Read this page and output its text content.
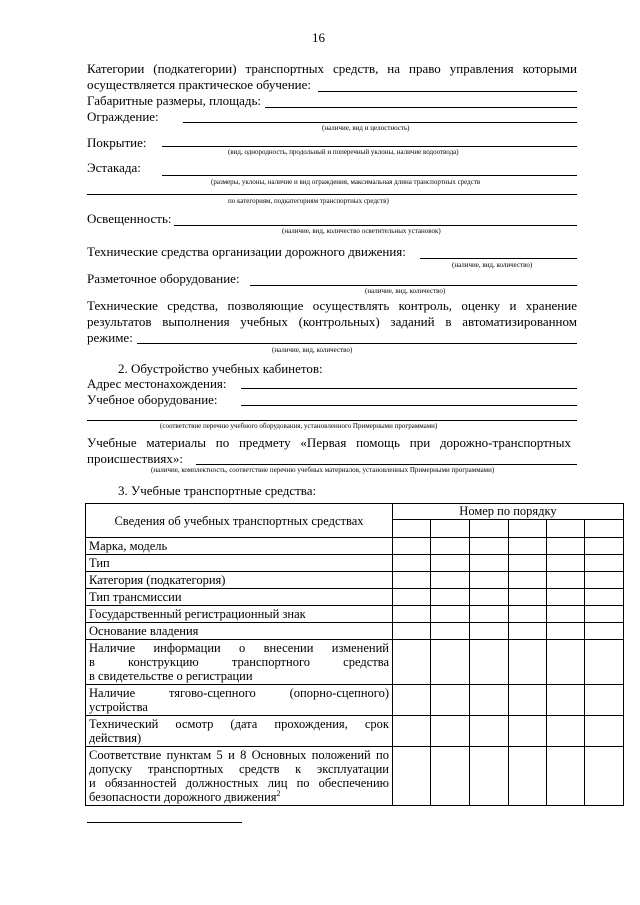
16
Категории (подкатегории) транспортных средств, на право управления которыми
осуществляется практическое обучение:
Габаритные размеры, площадь:
Ограждение:
(наличие, вид и целостность)
Покрытие:
(вид, однородность, продольный и поперечный уклоны, наличие водоотвода)
Эстакада:
(размеры, уклоны, наличие и вид ограждения, максимальная длина транспортных средств
по категориям, подкатегориям транспортных средств)
Освещенность:
(наличие, вид, количество осветительных установок)
Технические средства организации дорожного движения:
(наличие, вид, количество)
Разметочное оборудование:
(наличие, вид, количество)
Технические средства, позволяющие осуществлять контроль, оценку и хранение
результатов выполнения учебных (контрольных) заданий в автоматизированном
режиме:
(наличие, вид, количество)
2. Обустройство учебных кабинетов:
Адрес местонахождения:
Учебное оборудование:
(соответствие перечню учебного оборудования, установленного Примерными программами)
Учебные материалы по предмету «Первая помощь при дорожно-транспортных
происшествиях»:
(наличие, комплектность, соответствие перечню учебных материалов, установленных Примерными программами)
3. Учебные транспортные средства:
Сведения об учебных транспортных средствах	Номер по порядку					

Марка, модель						

Тип						

Категория (подкатегория)						

Тип трансмиссии						

Государственный регистрационный знак						

Основание владения						

Наличие информации о внесении изменений
в конструкцию транспортного средства
в свидетельстве о регистрации						

Наличие тягово-сцепного (опорно-сцепного)
устройства						

Технический осмотр (дата прохождения, срок
действия)						

Соответствие пунктам 5 и 8 Основных положений по
допуску транспортных средств к эксплуатации
и обязанностей должностных лиц по обеспечению
безопасности дорожного движения$^2$						
